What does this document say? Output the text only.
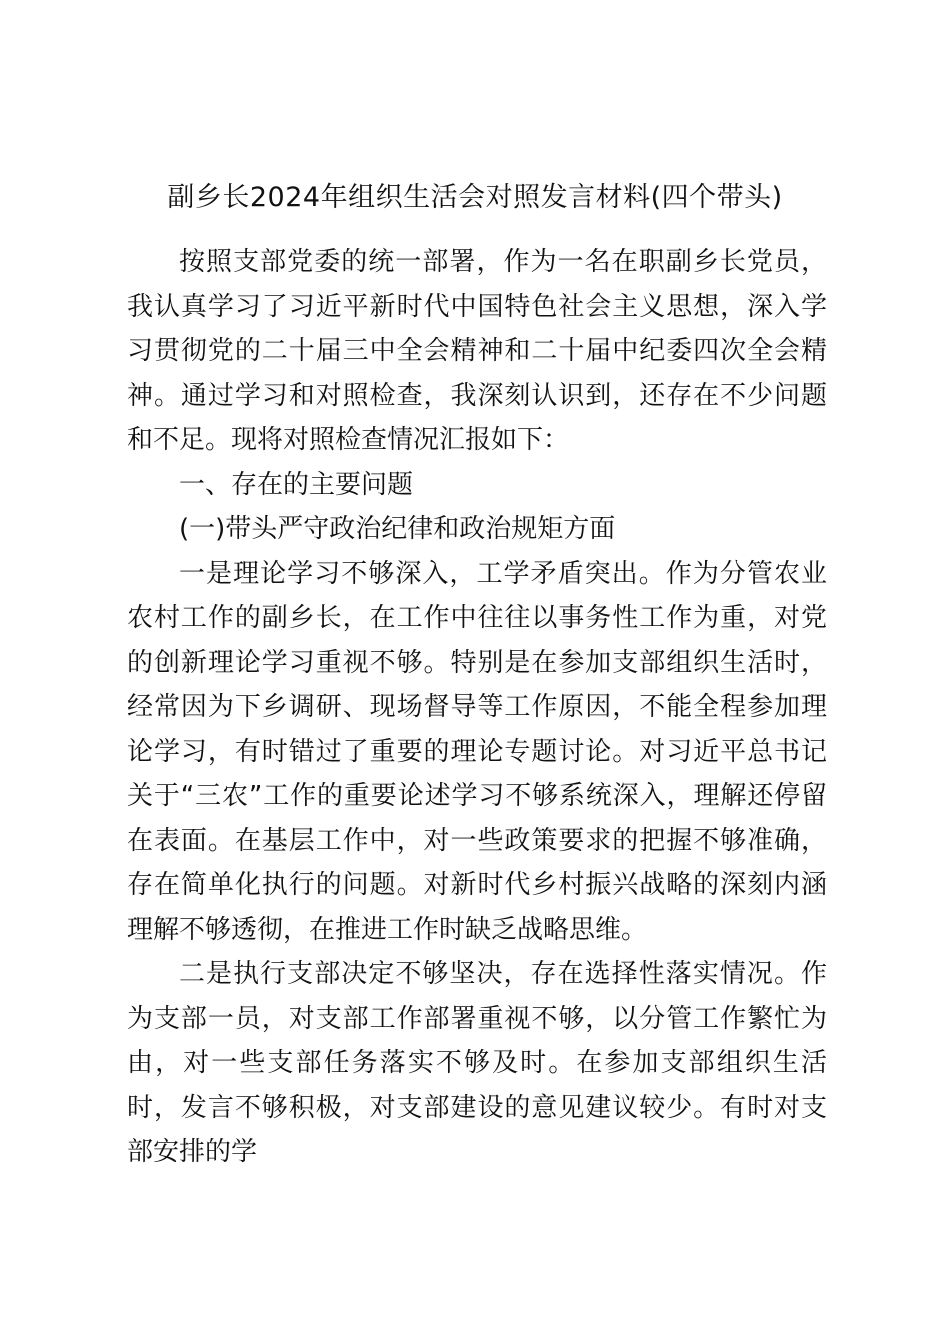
副乡长2024年组织生活会对照发言材料(四个带头)

按照支部党委的统一部署，作为一名在职副乡长党员，我认真学习了习近平新时代中国特色社会主义思想，深入学习贯彻党的二十届三中全会精神和二十届中纪委四次全会精神。通过学习和对照检查，我深刻认识到，还存在不少问题和不足。现将对照检查情况汇报如下：

一、存在的主要问题

(一)带头严守政治纪律和政治规矩方面

一是理论学习不够深入，工学矛盾突出。作为分管农业农村工作的副乡长，在工作中往往以事务性工作为重，对党的创新理论学习重视不够。特别是在参加支部组织生活时，经常因为下乡调研、现场督导等工作原因，不能全程参加理论学习，有时错过了重要的理论专题讨论。对习近平总书记关于“三农”工作的重要论述学习不够系统深入，理解还停留在表面。在基层工作中，对一些政策要求的把握不够准确，存在简单化执行的问题。对新时代乡村振兴战略的深刻内涵理解不够透彻，在推进工作时缺乏战略思维。

二是执行支部决定不够坚决，存在选择性落实情况。作为支部一员，对支部工作部署重视不够，以分管工作繁忙为由，对一些支部任务落实不够及时。在参加支部组织生活时，发言不够积极，对支部建设的意见建议较少。有时对支部安排的学
